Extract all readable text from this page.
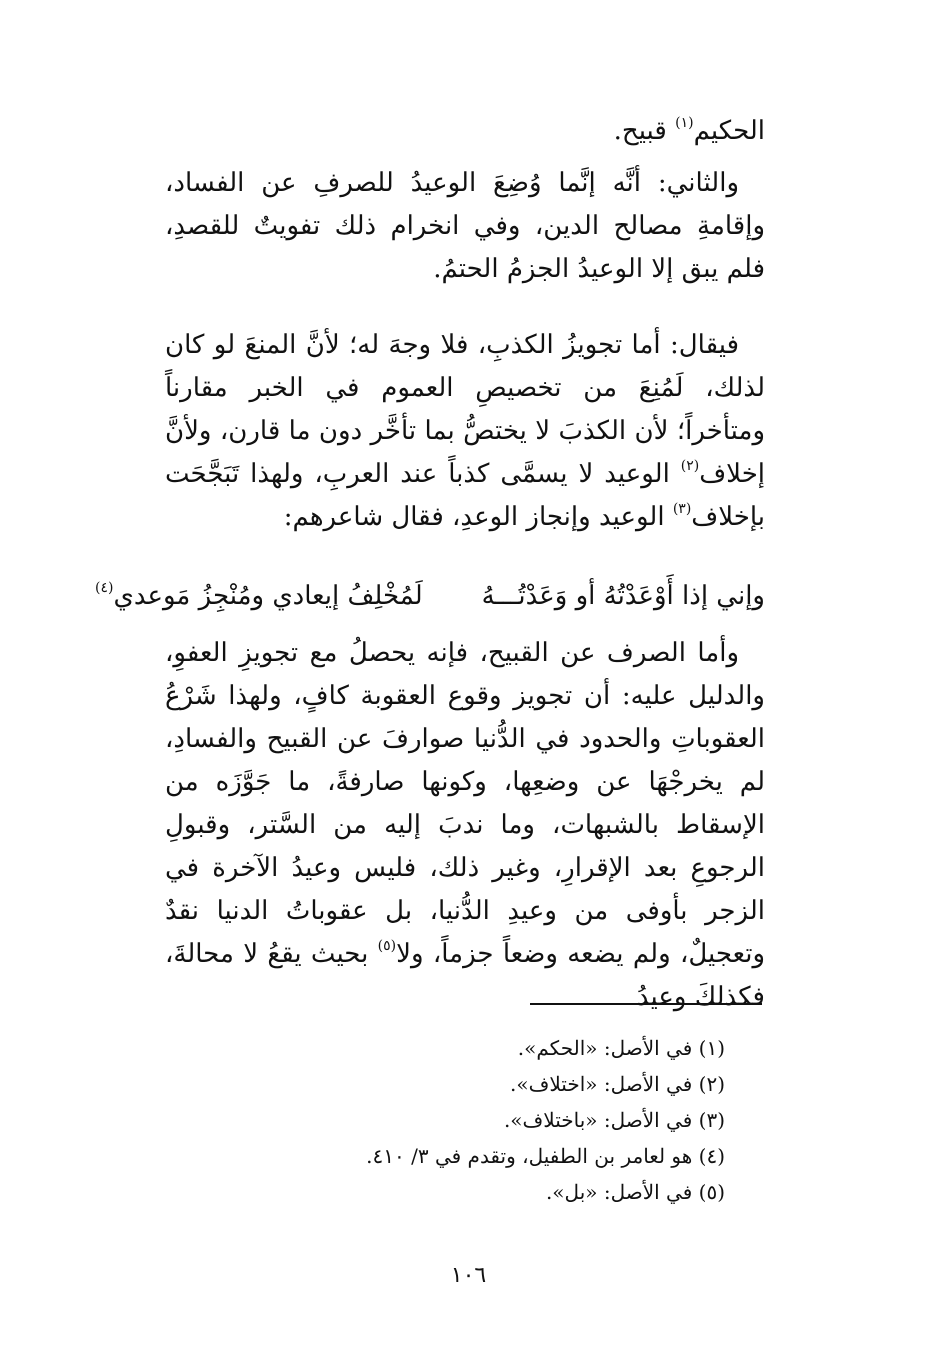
الحكيم$^{(١)}$ قبيح.
والثاني: أنَّه إنَّما وُضِعَ الوعيدُ للصرفِ عن الفساد، وإقامةِ مصالح الدين، وفي انخرام ذلك تفويتٌ للقصدِ، فلم يبق إلا الوعيدُ الجزمُ الحتمُ.
فيقال: أما تجويزُ الكذبِ، فلا وجهَ له؛ لأنَّ المنعَ لو كان لذلك، لَمُنِعَ من تخصيصِ العموم في الخبر مقارناً ومتأخراً؛ لأن الكذبَ لا يختصُّ بما تأخَّر دون ما قارن، ولأنَّ إخلاف$^{(٢)}$ الوعيد لا يسمَّى كذباً عند العربِ، ولهذا تَبَجَّحَت بإخلاف$^{(٣)}$ الوعيد وإنجاز الوعدِ، فقال شاعرهم:
وإني إذا أَوْعَدْتُهُ أو وَعَدْتُـــهُ
لَمُخْلِفُ إيعادي ومُنْجِزُ مَوعدي$^{(٤)}$
وأما الصرف عن القبيح، فإنه يحصلُ مع تجويزِ العفوِ، والدليل عليه: أن تجويز وقوع العقوبة كافٍ، ولهذا شَرْعُ العقوباتِ والحدود في الدُّنيا صوارفَ عن القبيح والفسادِ، لم يخرجْهَا عن وضعِها، وكونها صارفةً، ما جَوَّزَه من الإسقاط بالشبهات، وما ندبَ إليه من السَّتر، وقبولِ الرجوعِ بعد الإقرارِ، وغير ذلك، فليس وعيدُ الآخرة في الزجر بأوفى من وعيدِ الدُّنيا، بل عقوباتُ الدنيا نقدٌ وتعجيلٌ، ولم يضعه وضعاً جزماً، ولا$^{(٥)}$ بحيث يقعُ لا محالةَ، فكذلكَ وعيدُ
(١) في الأصل: «الحكم».
(٢) في الأصل: «اختلاف».
(٣) في الأصل: «باختلاف».
(٤) هو لعامر بن الطفيل، وتقدم في ٣/ ٤١٠.
(٥) في الأصل: «بل».
١٠٦
